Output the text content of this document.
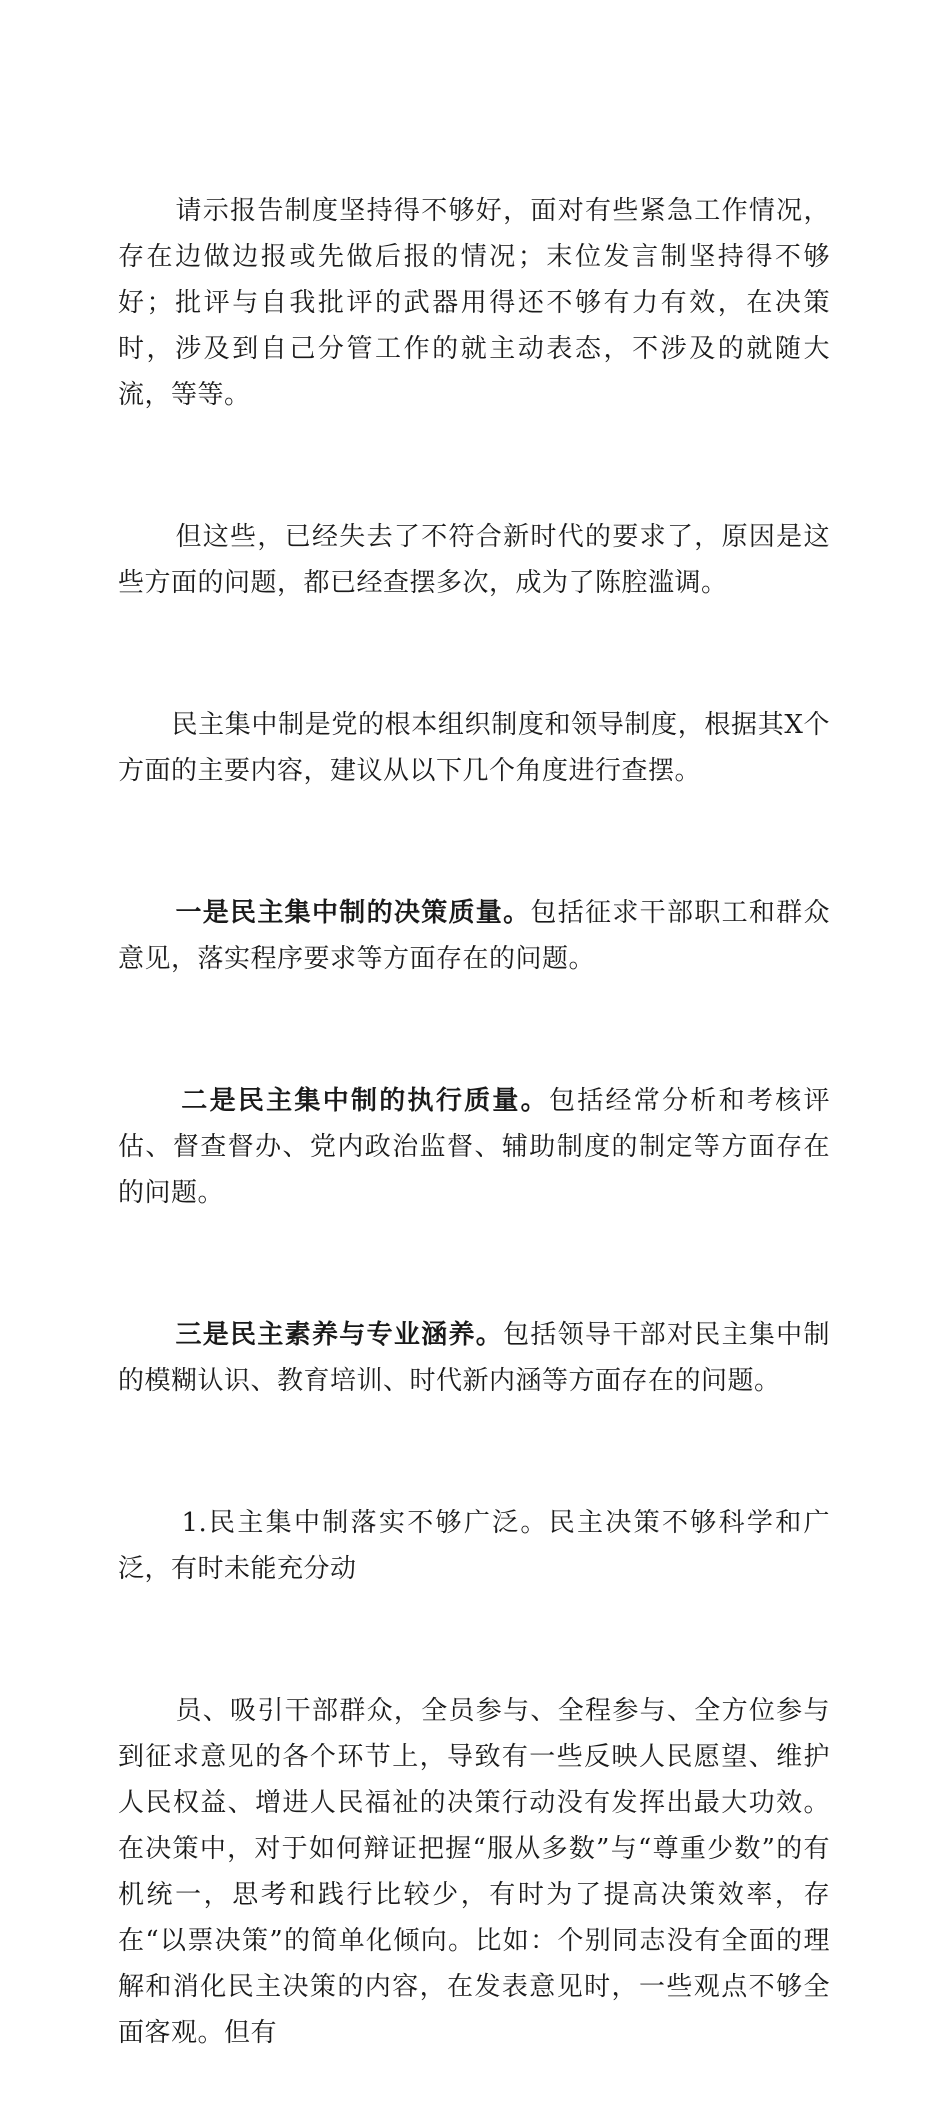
请示报告制度坚持得不够好，面对有些紧急工作情况，存在边做边报或先做后报的情况；末位发言制坚持得不够好；批评与自我批评的武器用得还不够有力有效，在决策时，涉及到自己分管工作的就主动表态，不涉及的就随大流，等等。

但这些，已经失去了不符合新时代的要求了，原因是这些方面的问题，都已经查摆多次，成为了陈腔滥调。

民主集中制是党的根本组织制度和领导制度，根据其X个方面的主要内容，建议从以下几个角度进行查摆。

一是民主集中制的决策质量。包括征求干部职工和群众意见，落实程序要求等方面存在的问题。

二是民主集中制的执行质量。包括经常分析和考核评估、督查督办、党内政治监督、辅助制度的制定等方面存在的问题。

三是民主素养与专业涵养。包括领导干部对民主集中制的模糊认识、教育培训、时代新内涵等方面存在的问题。

1.民主集中制落实不够广泛。民主决策不够科学和广泛，有时未能充分动

员、吸引干部群众，全员参与、全程参与、全方位参与到征求意见的各个环节上，导致有一些反映人民愿望、维护人民权益、增进人民福祉的决策行动没有发挥出最大功效。在决策中，对于如何辩证把握“服从多数”与“尊重少数”的有机统一，思考和践行比较少，有时为了提高决策效率，存在“以票决策”的简单化倾向。比如：个别同志没有全面的理解和消化民主决策的内容，在发表意见时，一些观点不够全面客观。但有
